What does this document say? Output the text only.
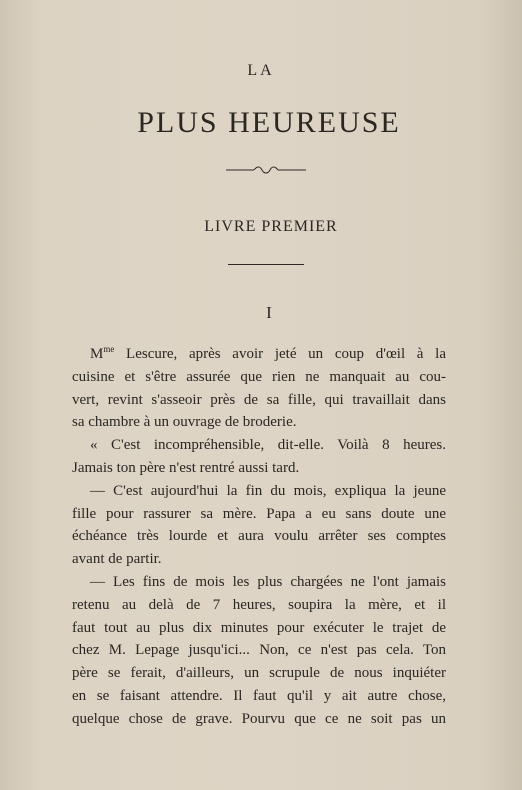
LA
PLUS HEUREUSE
LIVRE PREMIER
I
$M^{me}$ Lescure, après avoir jeté un coup d'œil à la
cuisine et s'être assurée que rien ne manquait au cou-
vert, revint s'asseoir près de sa fille, qui travaillait dans
sa chambre à un ouvrage de broderie.
« C'est incompréhensible, dit-elle. Voilà 8 heures.
Jamais ton père n'est rentré aussi tard.
— C'est aujourd'hui la fin du mois, expliqua la jeune
fille pour rassurer sa mère. Papa a eu sans doute une
échéance très lourde et aura voulu arrêter ses comptes
avant de partir.
— Les fins de mois les plus chargées ne l'ont jamais
retenu au delà de 7 heures, soupira la mère, et il
faut tout au plus dix minutes pour exécuter le trajet de
chez M. Lepage jusqu'ici... Non, ce n'est pas cela. Ton
père se ferait, d'ailleurs, un scrupule de nous inquiéter
en se faisant attendre. Il faut qu'il y ait autre chose,
quelque chose de grave. Pourvu que ce ne soit pas un
